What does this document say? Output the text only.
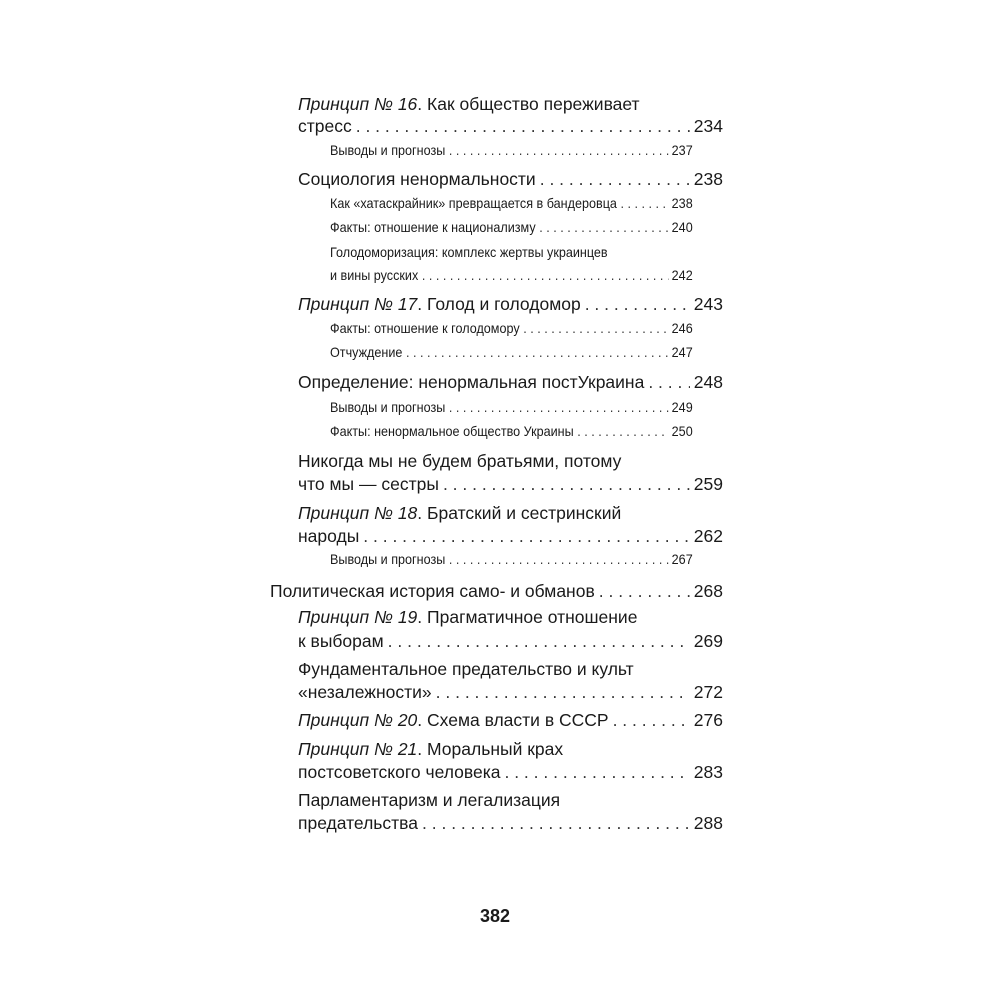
Принцип № 16 . Как общество переживает
стресс . . .	234
Выводы и прогнозы . . .	237
Социология ненормальности . . .	238
Как «хатаскрайник» превращается в бандеровца . . .	238
Факты: отношение к национализму . . .	240
Голодоморизация: комплекс жертвы украинцев
и вины русских . . .	242
Принцип № 17 . Голод и голодомор . . .	243
Факты: отношение к голодомору . . .	246
Отчуждение . . .	247
Определение: ненормальная постУкраина . . .	248
Выводы и прогнозы . . .	249
Факты: ненормальное общество Украины . . .	250
Никогда мы не будем братьями, потому
что мы — сестры . . .	259
Принцип № 18 . Братский и сестринский
народы . . .	262
Выводы и прогнозы . . .	267
Политическая история само- и обманов . . .	268
Принцип № 19 . Прагматичное отношение
к выборам . . .	269
Фундаментальное предательство и культ
«незалежности» . . .	272
Принцип № 20 . Схема власти в СССР . . .	276
Принцип № 21 . Моральный крах
постсоветского человека . . .	283
Парламентаризм и легализация
предательства . . .	288
382
